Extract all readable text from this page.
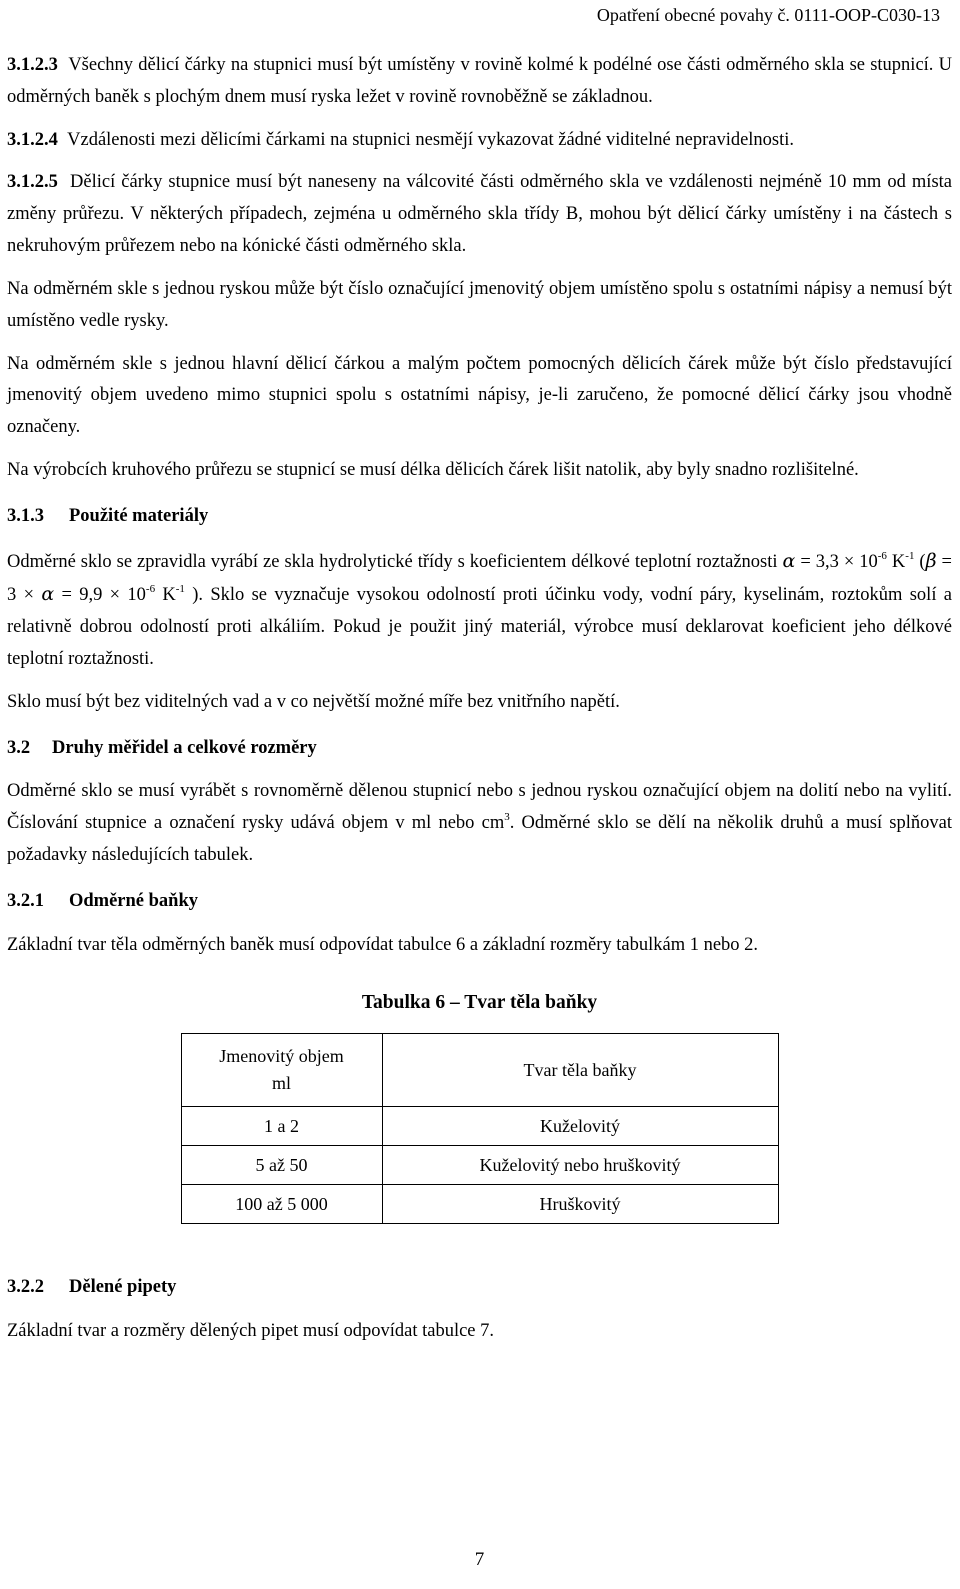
Opatření obecné povahy č. 0111-OOP-C030-13

3.1.2.3 Všechny dělicí čárky na stupnici musí být umístěny v rovině kolmé k podélné ose části odměrného skla se stupnicí. U odměrných baněk s plochým dnem musí ryska ležet v rovině rovnoběžně se základnou.

3.1.2.4 Vzdálenosti mezi dělicími čárkami na stupnici nesmějí vykazovat žádné viditelné nepravidelnosti.

3.1.2.5 Dělicí čárky stupnice musí být naneseny na válcovité části odměrného skla ve vzdálenosti nejméně 10 mm od místa změny průřezu. V některých případech, zejména u odměrného skla třídy B, mohou být dělicí čárky umístěny i na částech s nekruhovým průřezem nebo na kónické části odměrného skla.

Na odměrném skle s jednou ryskou může být číslo označující jmenovitý objem umístěno spolu s ostatními nápisy a nemusí být umístěno vedle rysky.

Na odměrném skle s jednou hlavní dělicí čárkou a malým počtem pomocných dělicích čárek může být číslo představující jmenovitý objem uvedeno mimo stupnici spolu s ostatními nápisy, je-li zaručeno, že pomocné dělicí čárky jsou vhodně označeny.

Na výrobcích kruhového průřezu se stupnicí se musí délka dělicích čárek lišit natolik, aby byly snadno rozlišitelné.

3.1.3 Použité materiály

Odměrné sklo se zpravidla vyrábí ze skla hydrolytické třídy s koeficientem délkové teplotní roztažnosti $\alpha = 3,3 \times 10^{-6}$ $K^{-1}$ ($\beta = 3 \times \alpha = 9,9 \times 10^{-6}$ $K^{-1}$ ). Sklo se vyznačuje vysokou odolností proti účinku vody, vodní páry, kyselinám, roztokům solí a relativně dobrou odolností proti alkáliím. Pokud je použit jiný materiál, výrobce musí deklarovat koeficient jeho délkové teplotní roztažnosti.

Sklo musí být bez viditelných vad a v co největší možné míře bez vnitřního napětí.

3.2 Druhy měřidel a celkové rozměry

Odměrné sklo se musí vyrábět s rovnoměrně dělenou stupnicí nebo s jednou ryskou označující objem na dolití nebo na vylití. Číslování stupnice a označení rysky udává objem v ml nebo $cm^3$. Odměrné sklo se dělí na několik druhů a musí splňovat požadavky následujících tabulek.

3.2.1 Odměrné baňky

Základní tvar těla odměrných baněk musí odpovídat tabulce 6 a základní rozměry tabulkám 1 nebo 2.

Tabulka 6 – Tvar těla baňky
Jmenovitý objem
ml	Tvar těla baňky
1 a 2	Kuželovitý
5 až 50	Kuželovitý nebo hruškovitý
100 až 5 000	Hruškovitý
3.2.2 Dělené pipety

Základní tvar a rozměry dělených pipet musí odpovídat tabulce 7.

7
